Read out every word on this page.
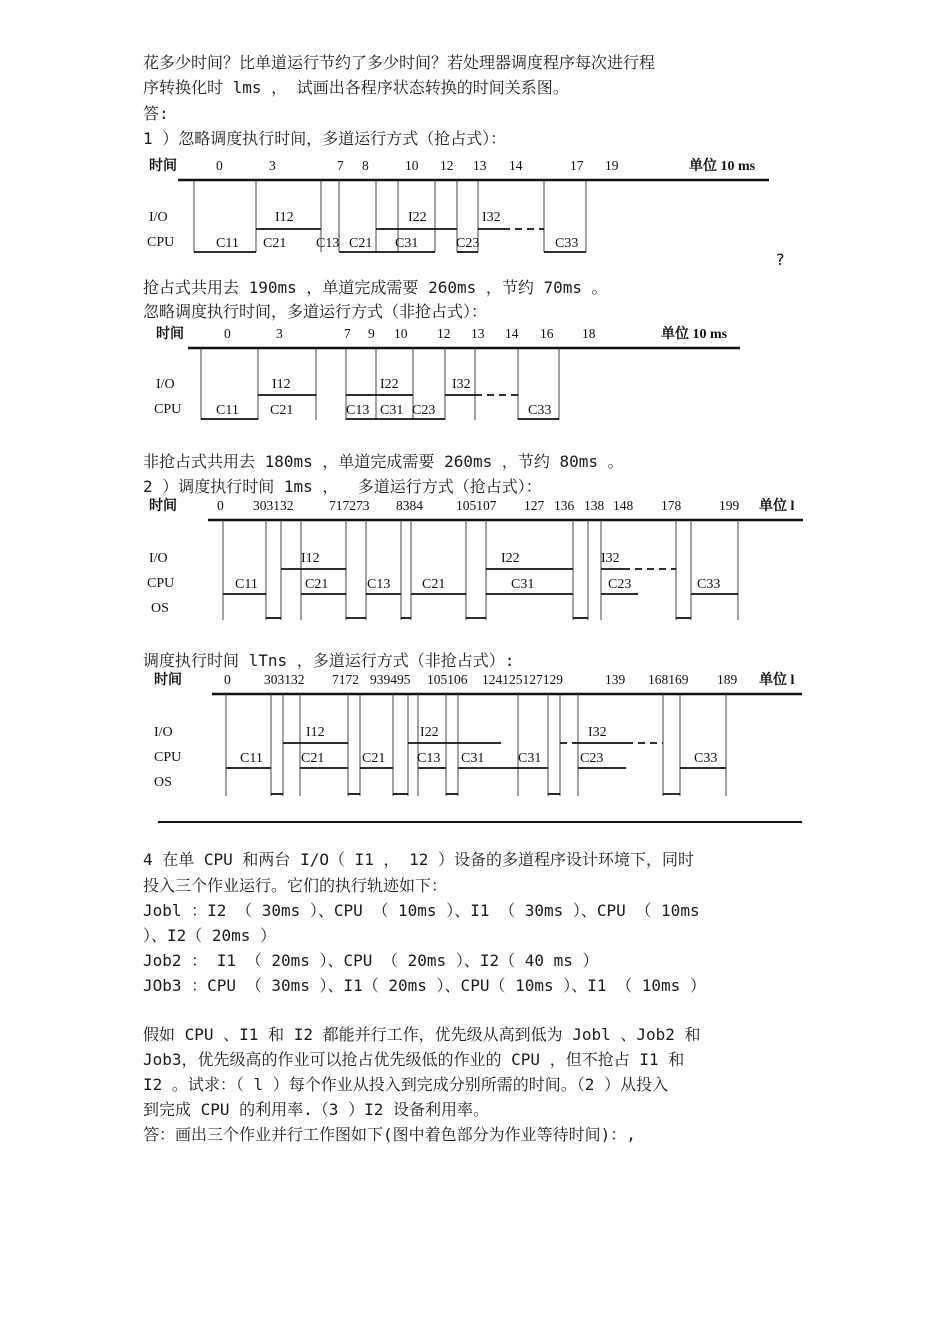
花多少时间？比单道运行节约了多少时间？若处理器调度程序每次进行程
序转换化时 lms ， 试画出各程序状态转换的时间关系图。
答:
1 ）忽略调度执行时间，多道运行方式（抢占式）：
时间	0	3	7 8	10 12 13 14	17 19	单位 10 ms
I/O
CPU
I12	I22	I32
C11 C21 C13 C21 C31	C23	C33
?
抢占式共用去 190ms ，单道完成需要 260ms ，节约 70ms 。
忽略调度执行时间，多道运行方式（非抢占式）：
时间	0	3	7 9 10 12 13 14 16 18	单位 10 ms
I/O
CPU
I12	I22	I32
C11 C21	C13 C31 C23	C33
非抢占式共用去 180ms ，单道完成需要 260ms ，节约 80ms 。
2 ）调度执行时间 1ms ，  多道运行方式（抢占式）：
时间	0 303132	717273 8384 105107 127 136 138 148 178	199 单位 l
I/O
CPU
OS
I12	I22	I32
C11	C21	C13 C21	C31	C23	C33
调度执行时间 lTns ，多道运行方式（非抢占式）:
时间	0 303132 7172 939495 105106 124125127129	139 168169 189 单位 l
I/O
CPU
OS
I12	I22	I32
C11	C21	C21 C13 C31 C31	C23	C33
4 在单 CPU 和两台 I/O（ I1 ， 12 ）设备的多道程序设计环境下，同时
投入三个作业运行。它们的执行轨迹如下：
Jobl ：I2 （ 30ms ）、CPU （ 10ms ）、I1 （ 30ms ）、CPU （ 10ms
）、I2（ 20ms ）
Job2 ： I1 （ 20ms ）、CPU （ 20ms ）、I2（ 40 ms ）
JOb3 ：CPU （ 30ms ）、I1（ 20ms ）、CPU（ 10ms ）、I1 （ 10ms ）
假如 CPU 、I1 和 I2 都能并行工作，优先级从高到低为 Jobl 、Job2 和
Job3，优先级高的作业可以抢占优先级低的作业的 CPU ，但不抢占 I1 和
I2 。试求：（ l ）每个作业从投入到完成分别所需的时间。（2 ）从投入
到完成 CPU 的利用率.（3 ）I2 设备利用率。
答：画出三个作业并行工作图如下(图中着色部分为作业等待时间)：,
